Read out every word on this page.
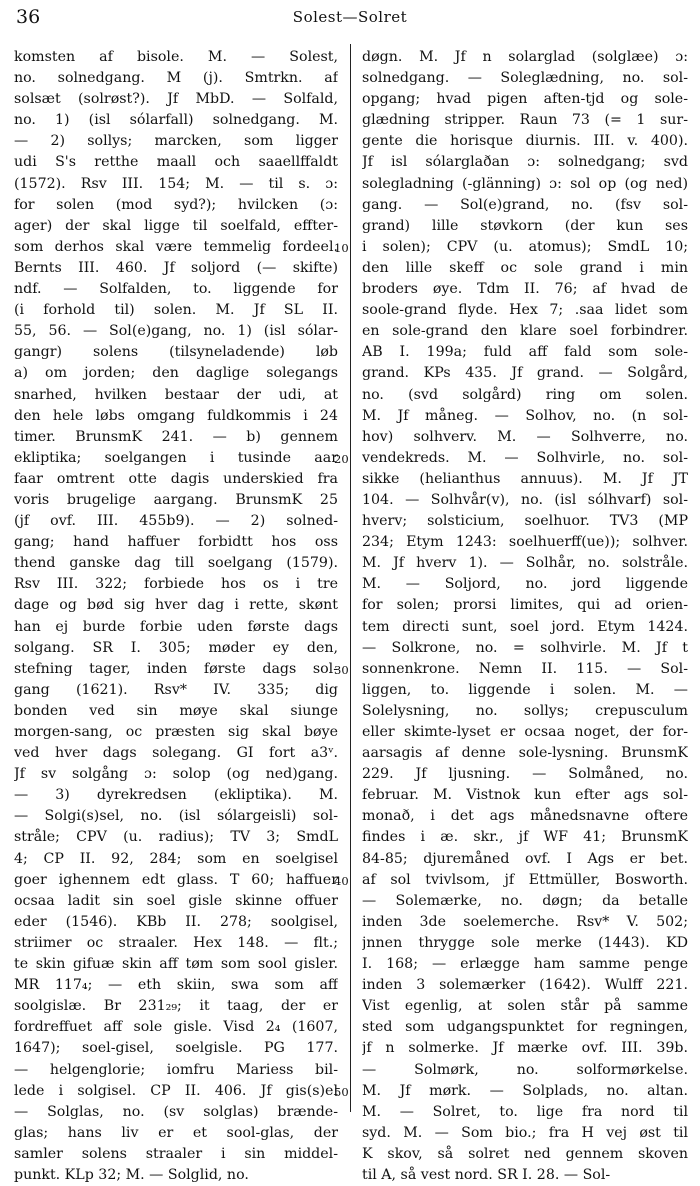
36	Solest—Solret
komsten af bisole. M. — Solest,
no. solnedgang. M (j). Smtrkn. af
solsæt (solrøst?). Jf MbD. — Solfald,
no. 1) (isl sólarfall) solnedgang. M.
— 2) sollys; marcken, som ligger
udi S's retthe maall och saaellffaldt
(1572). Rsv III. 154; M. — til s. ɔ:
for solen (mod syd?); hvilcken (ɔ:
ager) der skal ligge til soelfald, effter-
som derhos skal være temmelig fordeel.
Bernts III. 460. Jf soljord (— skifte)
ndf. — Solfalden, to. liggende for
(i forhold til) solen. M. Jf SL II.
55, 56. — Sol(e)gang, no. 1) (isl sólar-
gangr) solens (tilsyneladende) løb
a) om jorden; den daglige solegangs
snarhed, hvilken bestaar der udi, at
den hele løbs omgang fuldkommis i 24
timer. BrunsmK 241. — b) gennem
ekliptika; soelgangen i tusinde aar
faar omtrent otte dagis underskied fra
voris brugelige aargang. BrunsmK 25
(jf ovf. III. 455b9). — 2) solned-
gang; hand haffuer forbidtt hos oss
thend ganske dag till soelgang (1579).
Rsv III. 322; forbiede hos os i tre
dage og bød sig hver dag i rette, skønt
han ej burde forbie uden første dags
solgang. SR I. 305; møder ey den,
stefning tager, inden første dags sol-
gang (1621). Rsv* IV. 335; dig
bonden ved sin møye skal siunge
morgen-sang, oc præsten sig skal bøye
ved hver dags solegang. GI fort a3ᵛ.
Jf sv solgång ɔ: solop (og ned)gang.
— 3) dyrekredsen (ekliptika). M.
— Solgi(s)sel, no. (isl sólargeisli) sol-
stråle; CPV (u. radius); TV 3; SmdL
4; CP II. 92, 284; som en soelgisel
goer ighennem edt glass. T 60; haffuer
ocsaa ladit sin soel gisle skinne offuer
eder (1546). KBb II. 278; soolgisel,
striimer oc straaler. Hex 148. — flt.;
te skin gifuæ skin aff tøm som sool gisler.
MR 117₄; — eth skiin, swa som aff
soolgislæ. Br 231₂₉; it taag, der er
fordreffuet aff sole gisle. Visd 2₄ (1607,
1647); soel-gisel, soelgisle. PG 177.
— helgenglorie; iomfru Mariess bil-
lede i solgisel. CP II. 406. Jf gis(s)el
— Solglas, no. (sv solglas) brænde-
glas; hans liv er et sool-glas, der
samler solens straaler i sin middel-
punkt. KLp 32; M. — Solglid, no.
døgn. M. Jf n solarglad (solglæe) ɔ:
solnedgang. — Soleglædning, no. sol-
opgang; hvad pigen aften-tjd og sole-
glædning stripper. Raun 73 (= 1 sur-
gente die horisque diurnis. III. v. 400).
Jf isl sólarglaðan ɔ: solnedgang; svd
solegladning (-glänning) ɔ: sol op (og ned)
gang. — Sol(e)grand, no. (fsv sol-
grand) lille støvkorn (der kun ses
i solen); CPV (u. atomus); SmdL 10;
den lille skeff oc sole grand i min
broders øye. Tdm II. 76; af hvad de
soole-grand flyde. Hex 7; .saa lidet som
en sole-grand den klare soel forbindrer.
AB I. 199a; fuld aff fald som sole-
grand. KPs 435. Jf grand. — Solgård,
no. (svd solgård) ring om solen.
M. Jf måneg. — Solhov, no. (n sol-
hov) solhverv. M. — Solhverre, no.
vendekreds. M. — Solhvirle, no. sol-
sikke (helianthus annuus). M. Jf JT
104. — Solhvår(v), no. (isl sólhvarf) sol-
hverv; solsticium, soelhuor. TV3 (MP
234; Etym 1243: soelhuerff(ue)); solhver.
M. Jf hverv 1). — Solhår, no. solstråle.
M. — Soljord, no. jord liggende
for solen; prorsi limites, qui ad orien-
tem directi sunt, soel jord. Etym 1424.
— Solkrone, no. = solhvirle. M. Jf t
sonnenkrone. Nemn II. 115. — Sol-
liggen, to. liggende i solen. M. —
Solelysning, no. sollys; crepusculum
eller skimte-lyset er ocsaa noget, der for-
aarsagis af denne sole-lysning. BrunsmK
229. Jf ljusning. — Solmåned, no.
februar. M. Vistnok kun efter ags sol-
monað, i det ags månedsnavne oftere
findes i æ. skr., jf WF 41; BrunsmK
84-85; djuremåned ovf. I Ags er bet.
af sol tvivlsom, jf Ettmüller, Bosworth.
— Solemærke, no. døgn; da betalle
inden 3de soelemerche. Rsv* V. 502;
jnnen thrygge sole merke (1443). KD
I. 168; — erlægge ham samme penge
inden 3 solemærker (1642). Wulff 221.
Vist egenlig, at solen står på samme
sted som udgangspunktet for regningen,
jf n solmerke. Jf mærke ovf. III. 39b.
— Solmørk, no. solformørkelse.
M. Jf mørk. — Solplads, no. altan.
M. — Solret, to. lige fra nord til
syd. M. — Som bio.; fra H vej øst til
K skov, så solret ned gennem skoven
til A, så vest nord. SR I. 28. — Sol-
10
20
30
40
50
